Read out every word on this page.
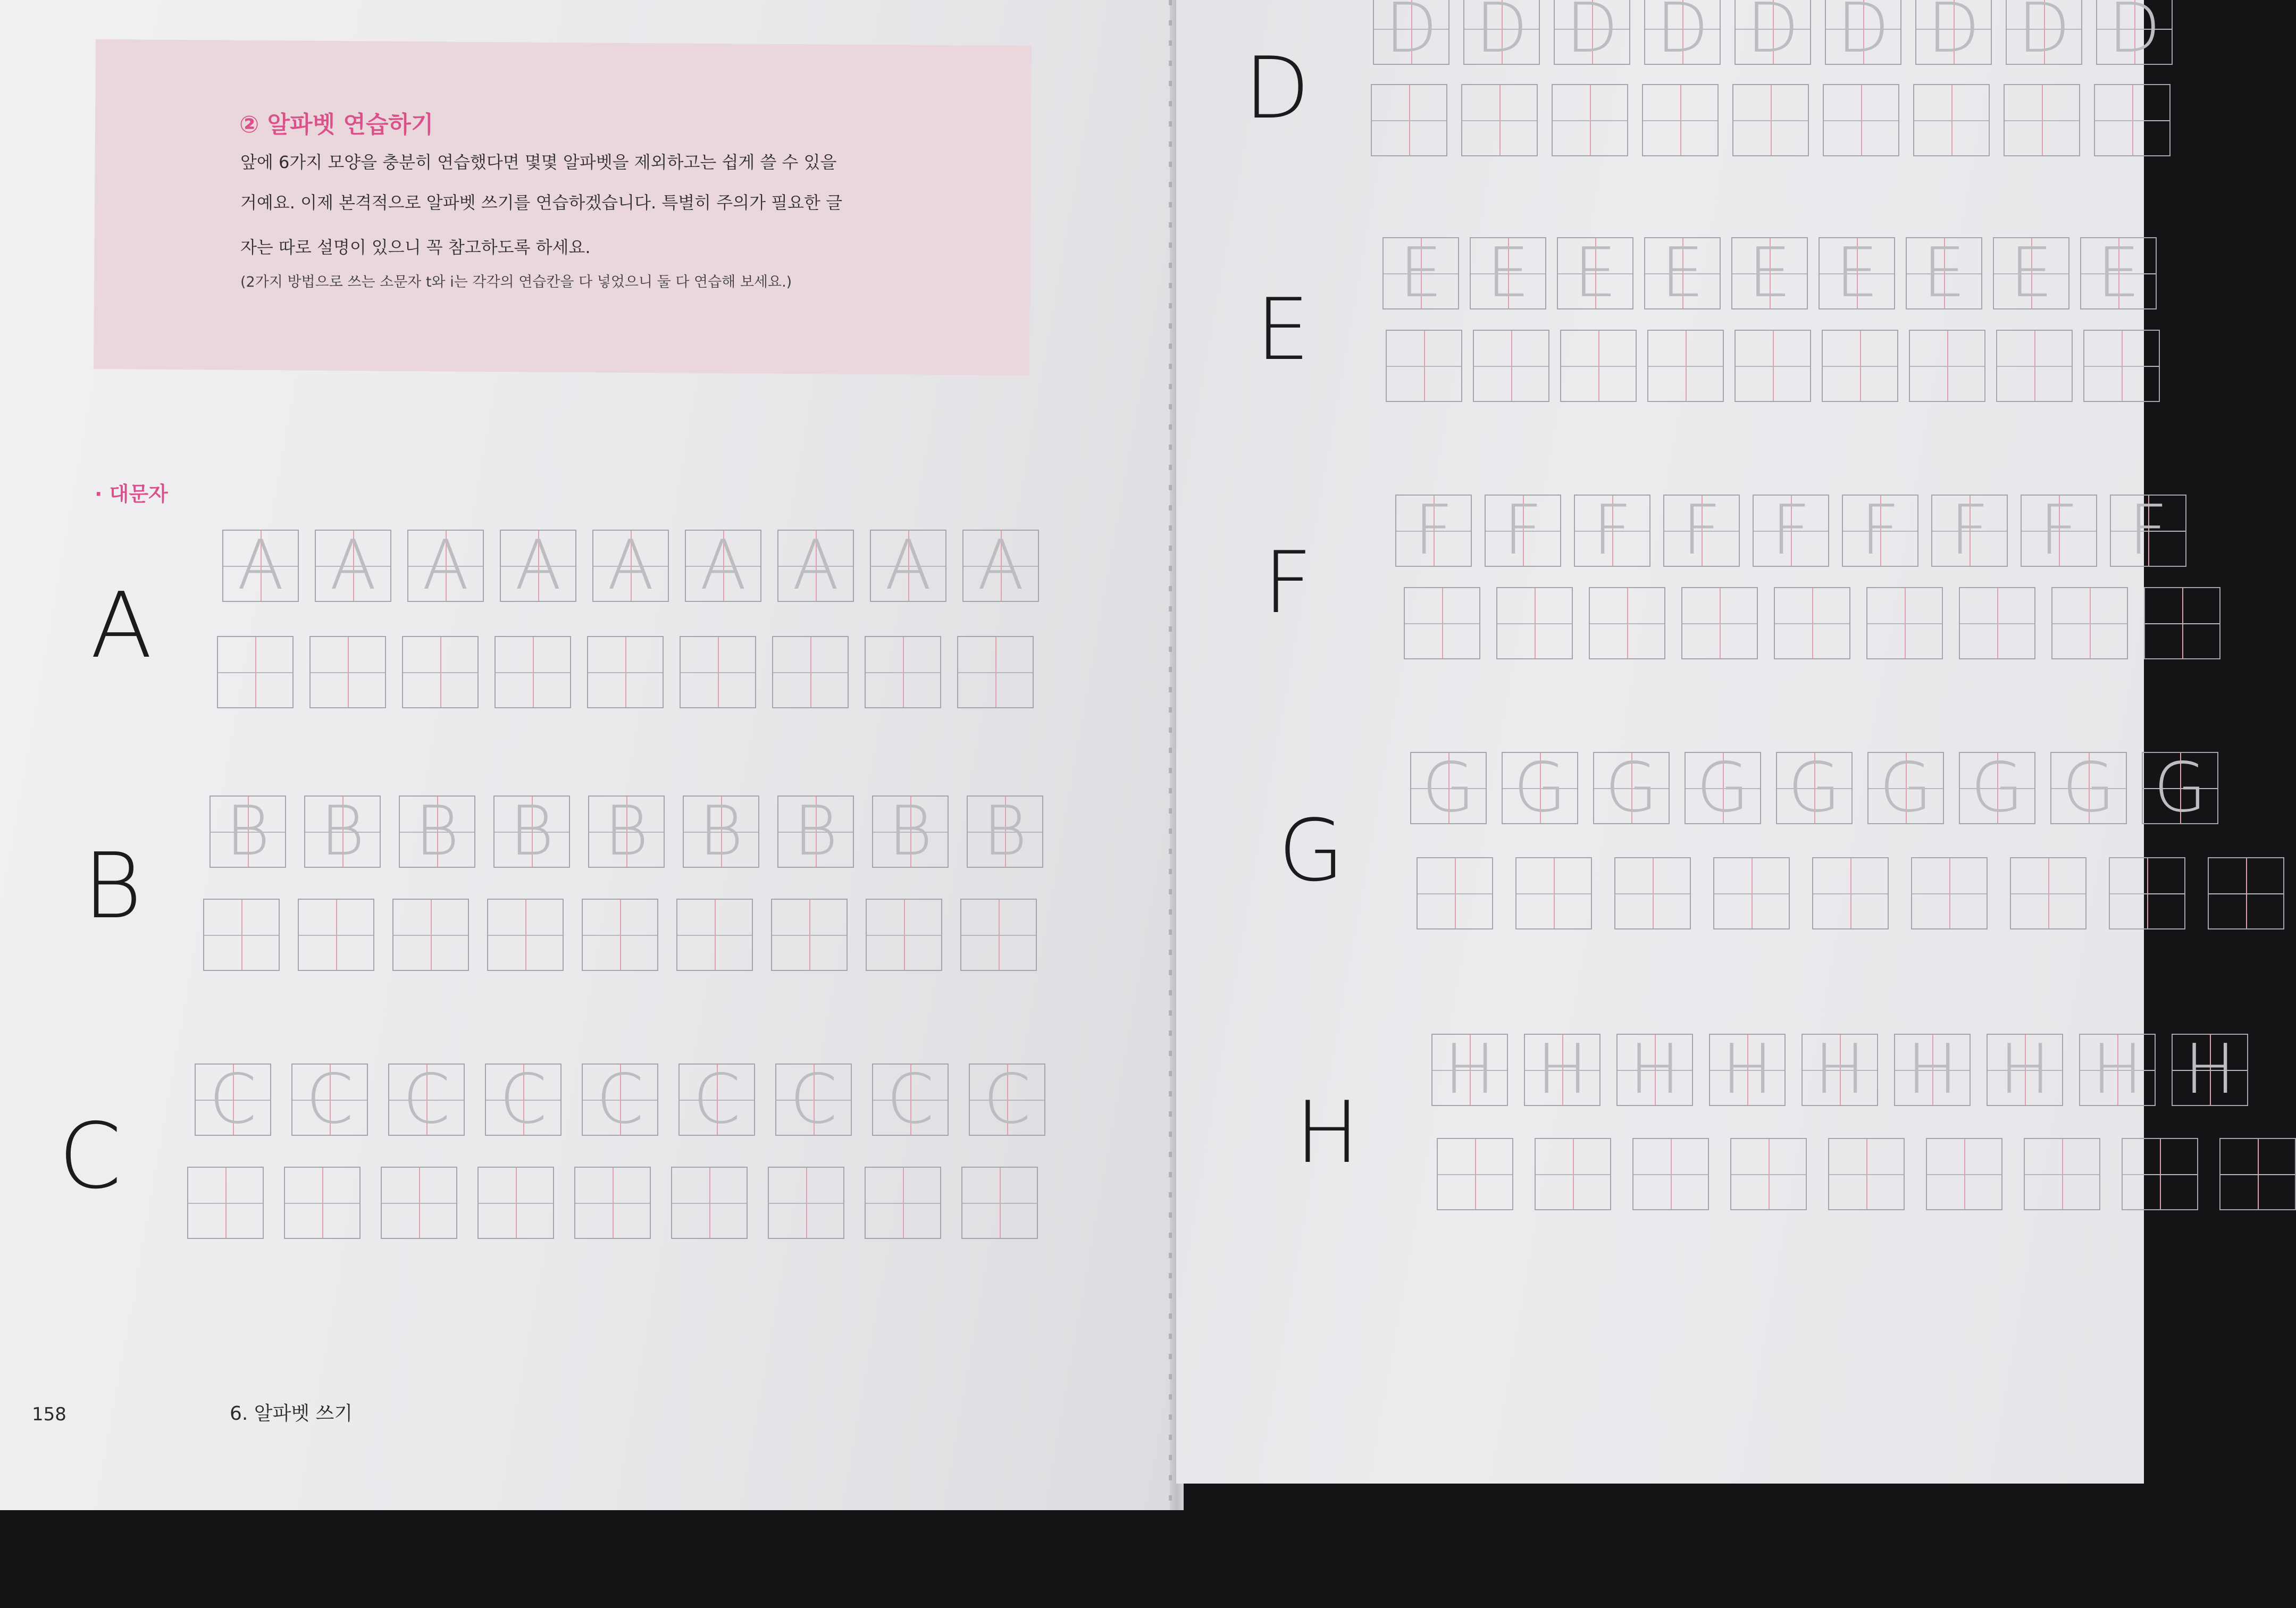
② 알파벳 연습하기
앞에 6가지 모양을 충분히 연습했다면 몇몇 알파벳을 제외하고는 쉽게 쓸 수 있을
거예요. 이제 본격적으로 알파벳 쓰기를 연습하겠습니다. 특별히 주의가 필요한 글
자는 따로 설명이 있으니 꼭 참고하도록 하세요.
(2가지 방법으로 쓰는 소문자 t와 i는 각각의 연습칸을 다 넣었으니 둘 다 연습해 보세요.)
· 대문자
A
A A A A A A A A A
B
B B B B B B B B B
C
C C C C C C C C C
158	6. 알파벳 쓰기
D
D D D D D D D D D
E
E E E E E E E E E
F
F F F F F F F F F
G
G G G G G G G G G
H
H H H H H H H H H
